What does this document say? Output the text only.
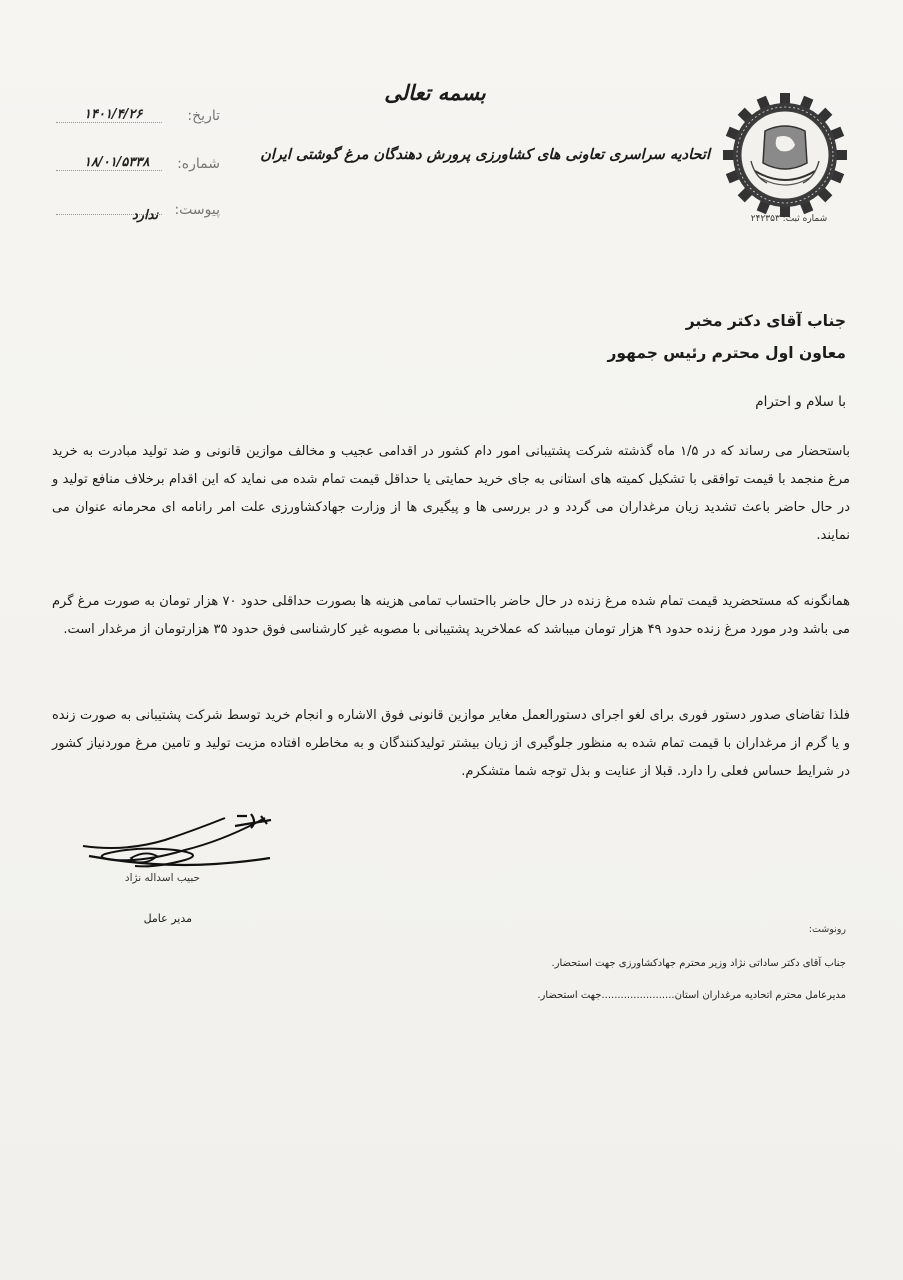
بسمه تعالی
اتحادیه سراسری تعاونی های کشاورزی پرورش دهندگان مرغ گوشتی ایران
شماره ثبت: ۲۴۲۳۵۳
تاریخ:
۱۴۰۱/۴/۲۶
شماره:
۱۸/۰۱/۵۳۳۸
پیوست:
ندارد
جناب آقای دکتر مخبر
معاون اول محترم رئیس جمهور
با سلام و احترام

باستحضار می رساند که در ۱/۵ ماه گذشته شرکت پشتیبانی امور دام کشور در اقدامی عجیب و مخالف موازین قانونی و ضد تولید مبادرت به خرید مرغ منجمد با قیمت توافقی با تشکیل کمیته های استانی به جای خرید حمایتی یا حداقل قیمت تمام شده می نماید که این اقدام برخلاف منافع تولید و در حال حاضر باعث تشدید زیان مرغداران می گردد و در بررسی ها و پیگیری ها از وزارت جهادکشاورزی علت امر رانامه ای محرمانه عنوان می نمایند.

همانگونه که مستحضرید قیمت تمام شده مرغ زنده در حال حاضر بااحتساب تمامی هزینه ها بصورت حداقلی حدود ۷۰ هزار تومان به صورت مرغ گرم می باشد ودر مورد مرغ زنده حدود ۴۹ هزار تومان میباشد که عملاخرید پشتیبانی با مصوبه غیر کارشناسی فوق حدود ۳۵ هزارتومان از مرغدار است.

فلذا تقاضای صدور دستور فوری برای لغو اجرای دستورالعمل مغایر موازین قانونی فوق الاشاره و انجام خرید توسط شرکت پشتیبانی به صورت زنده و یا گرم از مرغداران با قیمت تمام شده به منظور جلوگیری از زیان بیشتر تولیدکنندگان و به مخاطره افتاده مزیت تولید و تامین مرغ موردنیاز کشور در شرایط حساس فعلی را دارد. قبلا از عنایت و بذل توجه شما متشکرم.

حبیب اسداله نژاد
مدیر عامل
رونوشت:
جناب آقای دکتر ساداتی نژاد وزیر محترم جهادکشاورزی جهت استحضار.
مدیرعامل محترم اتحادیه مرغداران استان.......................جهت استحضار.
